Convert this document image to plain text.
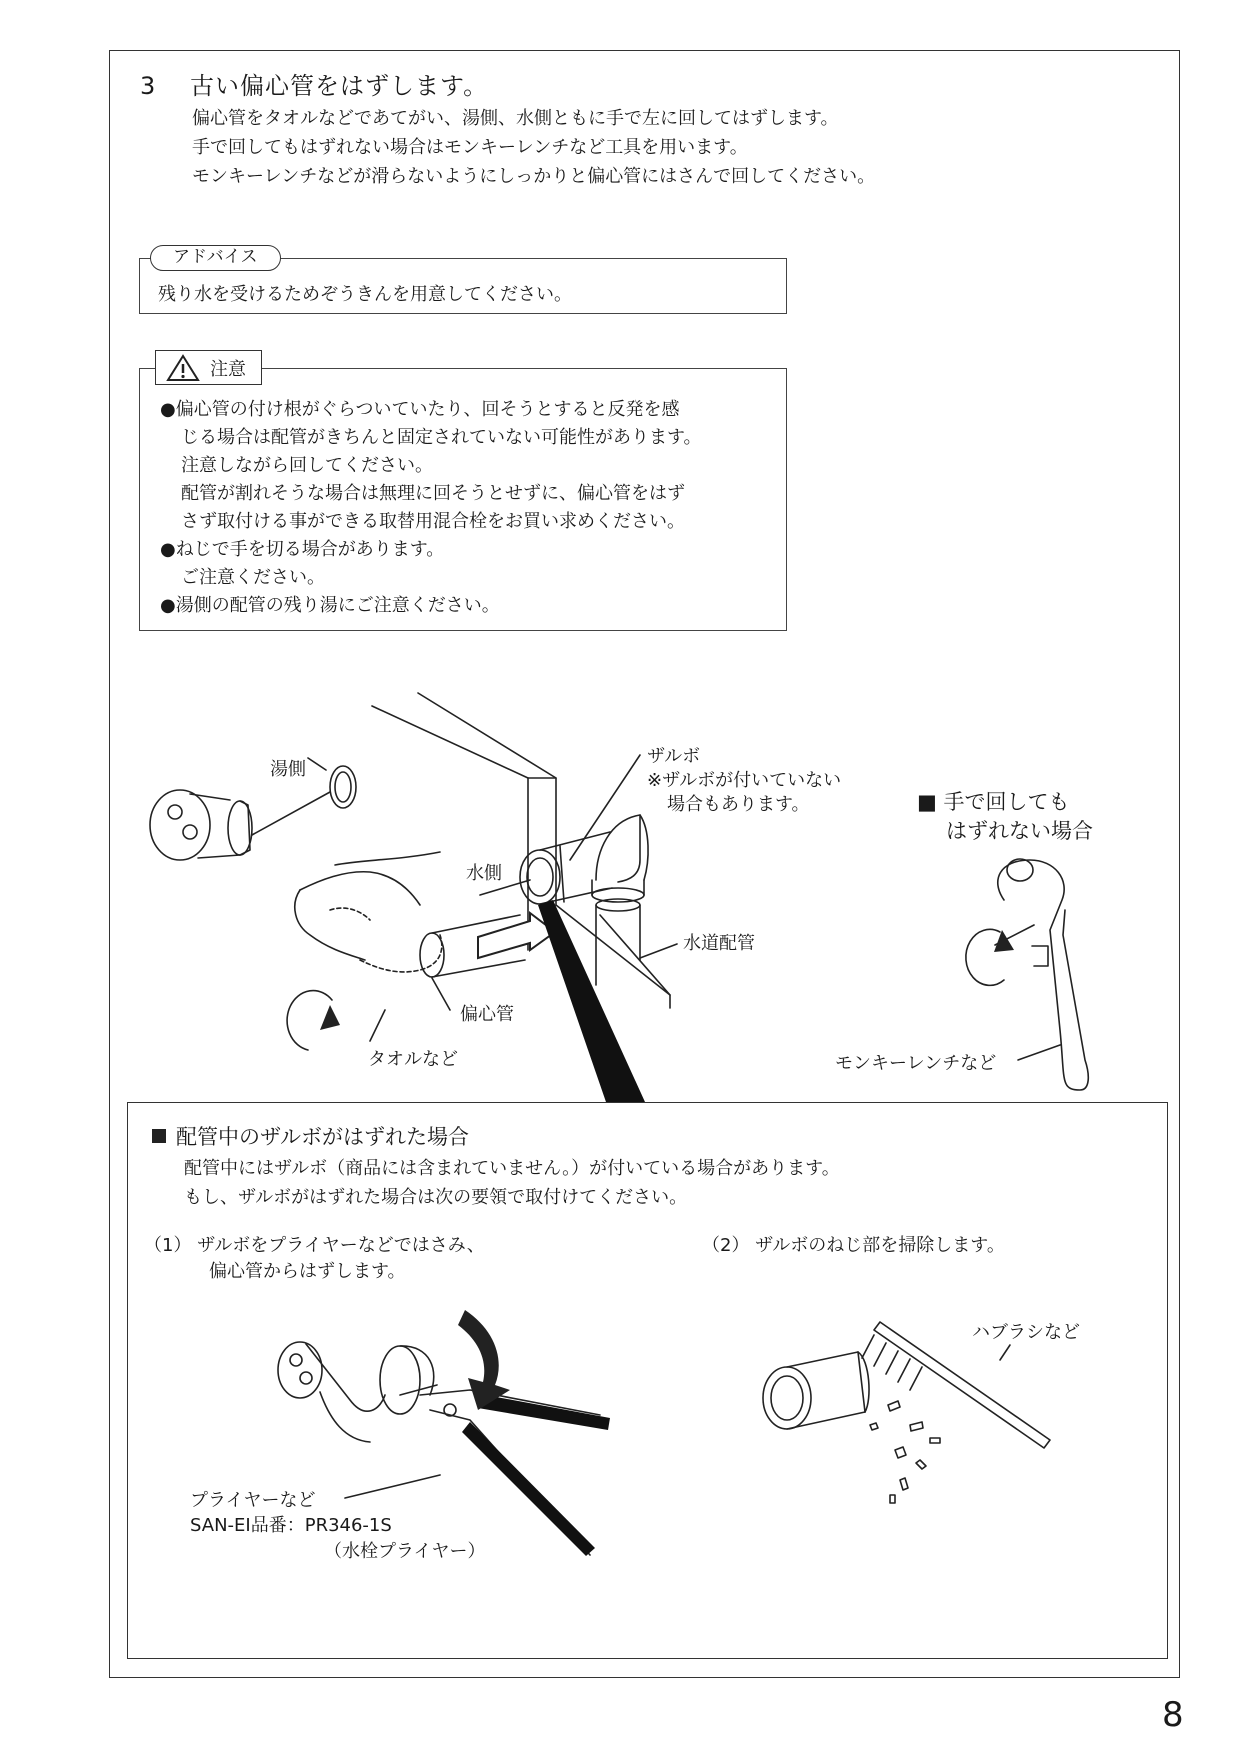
3 古い偏心管をはずします。
偏心管をタオルなどであてがい、湯側、水側ともに手で左に回してはずします。
手で回してもはずれない場合はモンキーレンチなど工具を用います。
モンキーレンチなどが滑らないようにしっかりと偏心管にはさんで回してください。
アドバイス
残り水を受けるためぞうきんを用意してください。
注意
●偏心管の付け根がぐらついていたり、回そうとすると反発を感
じる場合は配管がきちんと固定されていない可能性があります。
注意しながら回してください。
配管が割れそうな場合は無理に回そうとせずに、偏心管をはず
さず取付ける事ができる取替用混合栓をお買い求めください。
●ねじで手を切る場合があります。
ご注意ください。
●湯側の配管の残り湯にご注意ください。
湯側
水側
ザルボ
※ザルボが付いていない
場合もあります。
水道配管
偏心管
タオルなど
■ 手で回しても
はずれない場合
モンキーレンチなど
配管中のザルボがはずれた場合
配管中にはザルボ（商品には含まれていません。）が付いている場合があります。
もし、ザルボがはずれた場合は次の要領で取付けてください。
（1） ザルボをプライヤーなどではさみ、
偏心管からはずします。
（2） ザルボのねじ部を掃除します。
プライヤーなど
SAN-EI品番：PR346-1S
（水栓プライヤー）
ハブラシなど
8
